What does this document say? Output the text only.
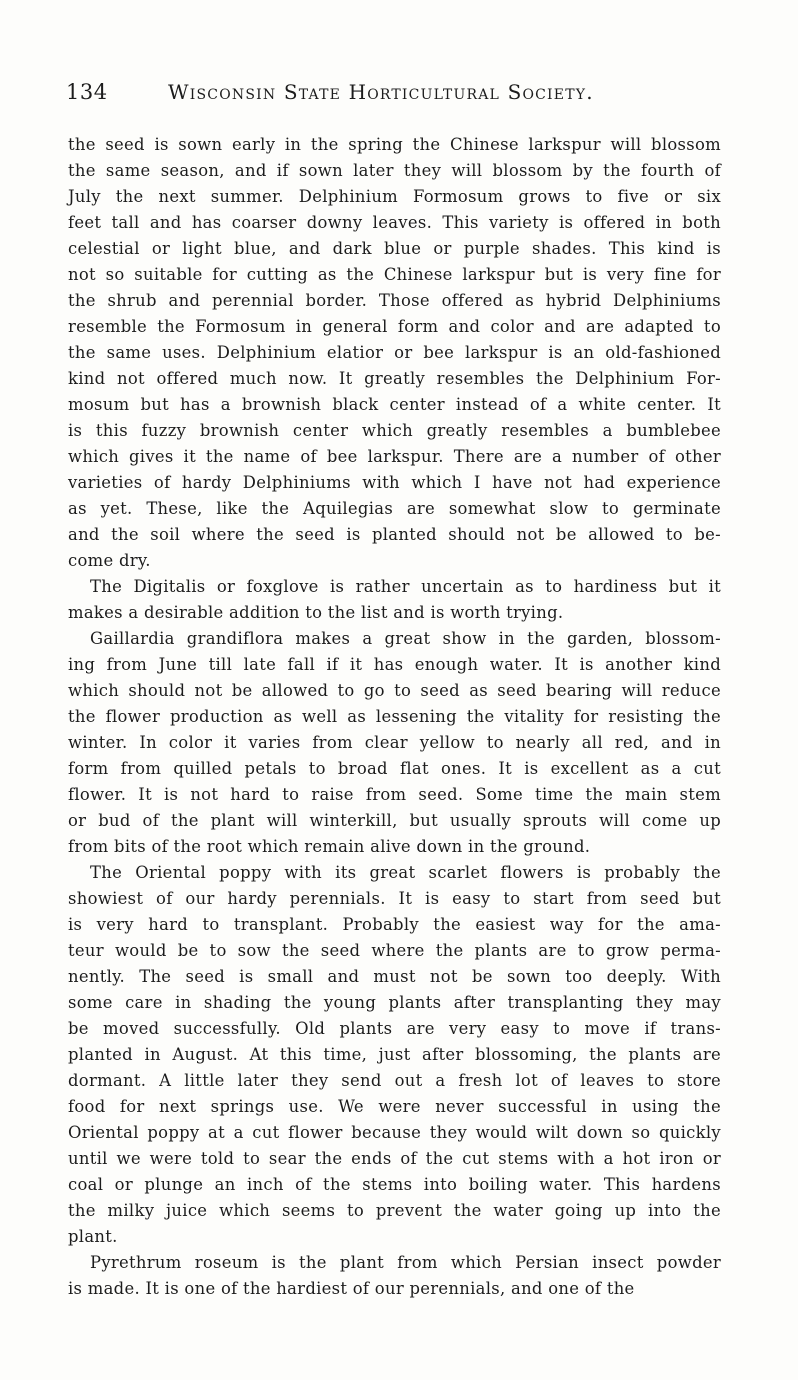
134	Wisconsin State Horticultural Society.
the seed is sown early in the spring the Chinese larkspur will blossom
the same season, and if sown later they will blossom by the fourth of
July the next summer. Delphinium Formosum grows to five or six
feet tall and has coarser downy leaves. This variety is offered in both
celestial or light blue, and dark blue or purple shades. This kind is
not so suitable for cutting as the Chinese larkspur but is very fine for
the shrub and perennial border. Those offered as hybrid Delphiniums
resemble the Formosum in general form and color and are adapted to
the same uses. Delphinium elatior or bee larkspur is an old-fashioned
kind not offered much now. It greatly resembles the Delphinium For-
mosum but has a brownish black center instead of a white center. It
is this fuzzy brownish center which greatly resembles a bumblebee
which gives it the name of bee larkspur. There are a number of other
varieties of hardy Delphiniums with which I have not had experience
as yet. These, like the Aquilegias are somewhat slow to germinate
and the soil where the seed is planted should not be allowed to be-
come dry.
The Digitalis or foxglove is rather uncertain as to hardiness but it
makes a desirable addition to the list and is worth trying.
Gaillardia grandiflora makes a great show in the garden, blossom-
ing from June till late fall if it has enough water. It is another kind
which should not be allowed to go to seed as seed bearing will reduce
the flower production as well as lessening the vitality for resisting the
winter. In color it varies from clear yellow to nearly all red, and in
form from quilled petals to broad flat ones. It is excellent as a cut
flower. It is not hard to raise from seed. Some time the main stem
or bud of the plant will winterkill, but usually sprouts will come up
from bits of the root which remain alive down in the ground.
The Oriental poppy with its great scarlet flowers is probably the
showiest of our hardy perennials. It is easy to start from seed but
is very hard to transplant. Probably the easiest way for the ama-
teur would be to sow the seed where the plants are to grow perma-
nently. The seed is small and must not be sown too deeply. With
some care in shading the young plants after transplanting they may
be moved successfully. Old plants are very easy to move if trans-
planted in August. At this time, just after blossoming, the plants are
dormant. A little later they send out a fresh lot of leaves to store
food for next springs use. We were never successful in using the
Oriental poppy at a cut flower because they would wilt down so quickly
until we were told to sear the ends of the cut stems with a hot iron or
coal or plunge an inch of the stems into boiling water. This hardens
the milky juice which seems to prevent the water going up into the
plant.
Pyrethrum roseum is the plant from which Persian insect powder
is made. It is one of the hardiest of our perennials, and one of the
